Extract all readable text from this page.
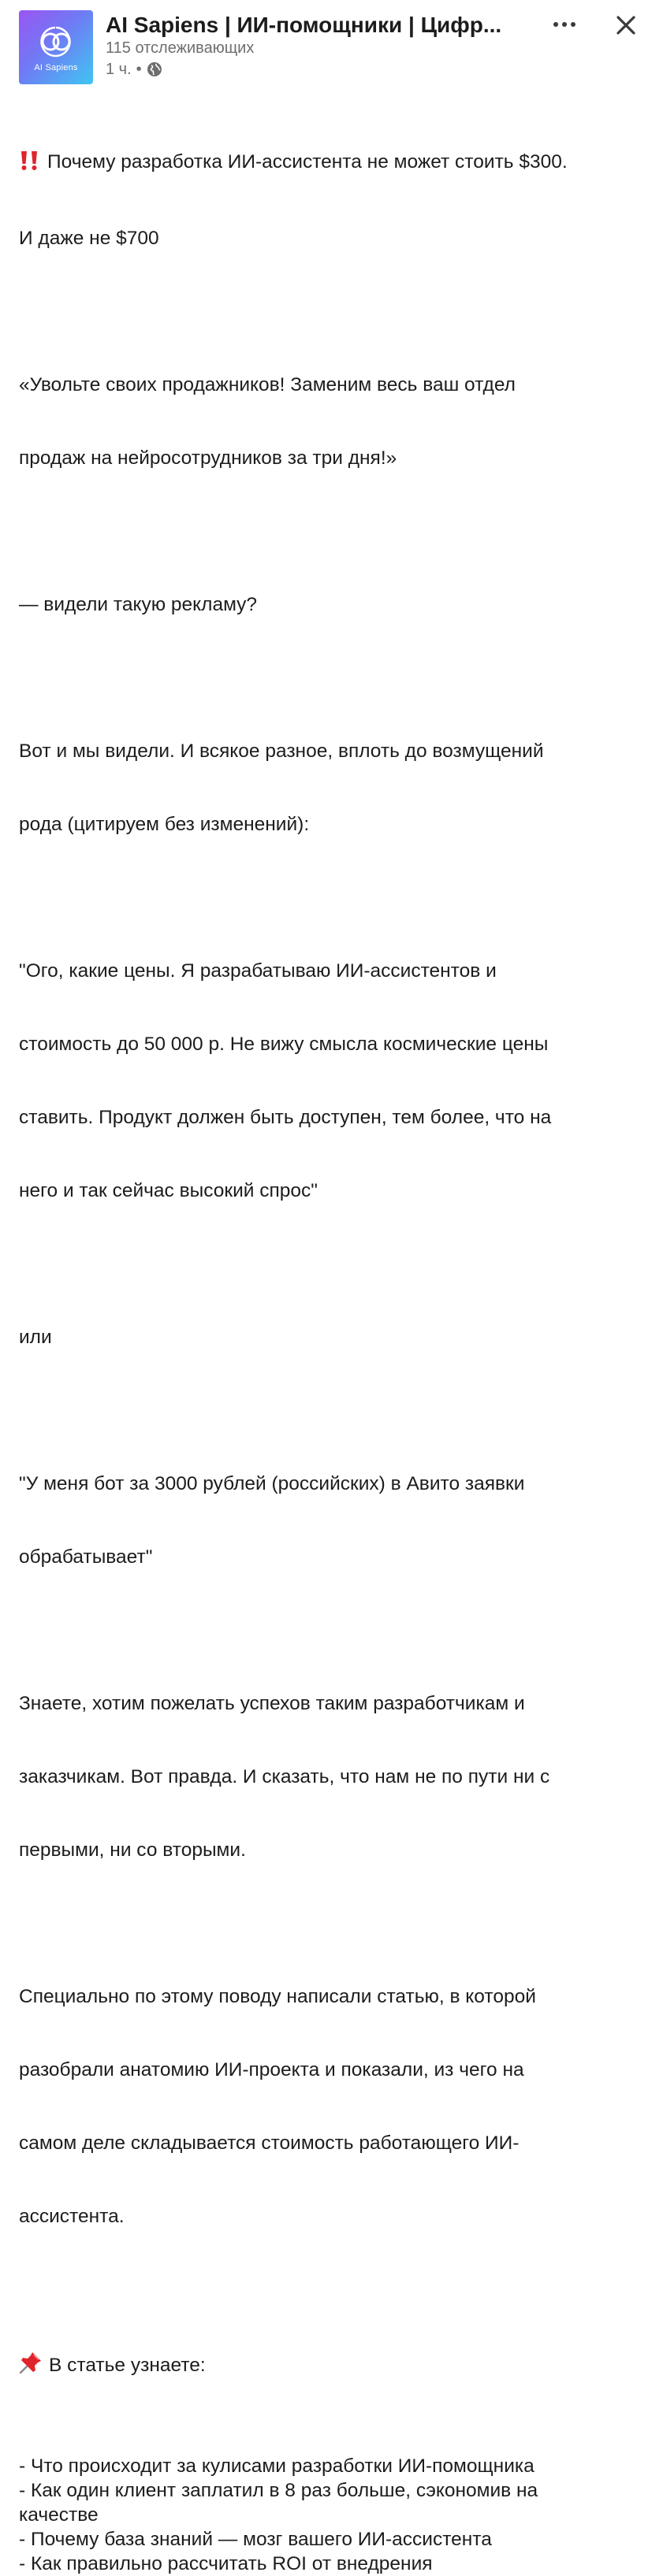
AI Sapiens
AI Sapiens | ИИ-помощники | Цифр...
115 отслеживающих
1 ч. •

Почему разработка ИИ-ассистента не может стоить $300.

И даже не $700

«Увольте своих продажников! Заменим весь ваш отдел

продаж на нейросотрудников за три дня!»

— видели такую рекламу?

Вот и мы видели. И всякое разное, вплоть до возмущений

рода (цитируем без изменений):

"Ого, какие цены. Я разрабатываю ИИ-ассистентов и

стоимость до 50 000 р. Не вижу смысла космические цены

ставить. Продукт должен быть доступен, тем более, что на

него и так сейчас высокий спрос"

или

"У меня бот за 3000 рублей (российских) в Авито заявки

обрабатывает"

Знаете, хотим пожелать успехов таким разработчикам и

заказчикам. Вот правда. И сказать, что нам не по пути ни с

первыми, ни со вторыми.

Специально по этому поводу написали статью, в которой

разобрали анатомию ИИ-проекта и показали, из чего на

самом деле складывается стоимость работающего ИИ-

ассистента.

В статье узнаете:

- Что происходит за кулисами разработки ИИ-помощника
- Как один клиент заплатил в 8 раз больше, сэкономив на
качестве
- Почему база знаний — мозг вашего ИИ-ассистента
- Как правильно рассчитать ROI от внедрения
